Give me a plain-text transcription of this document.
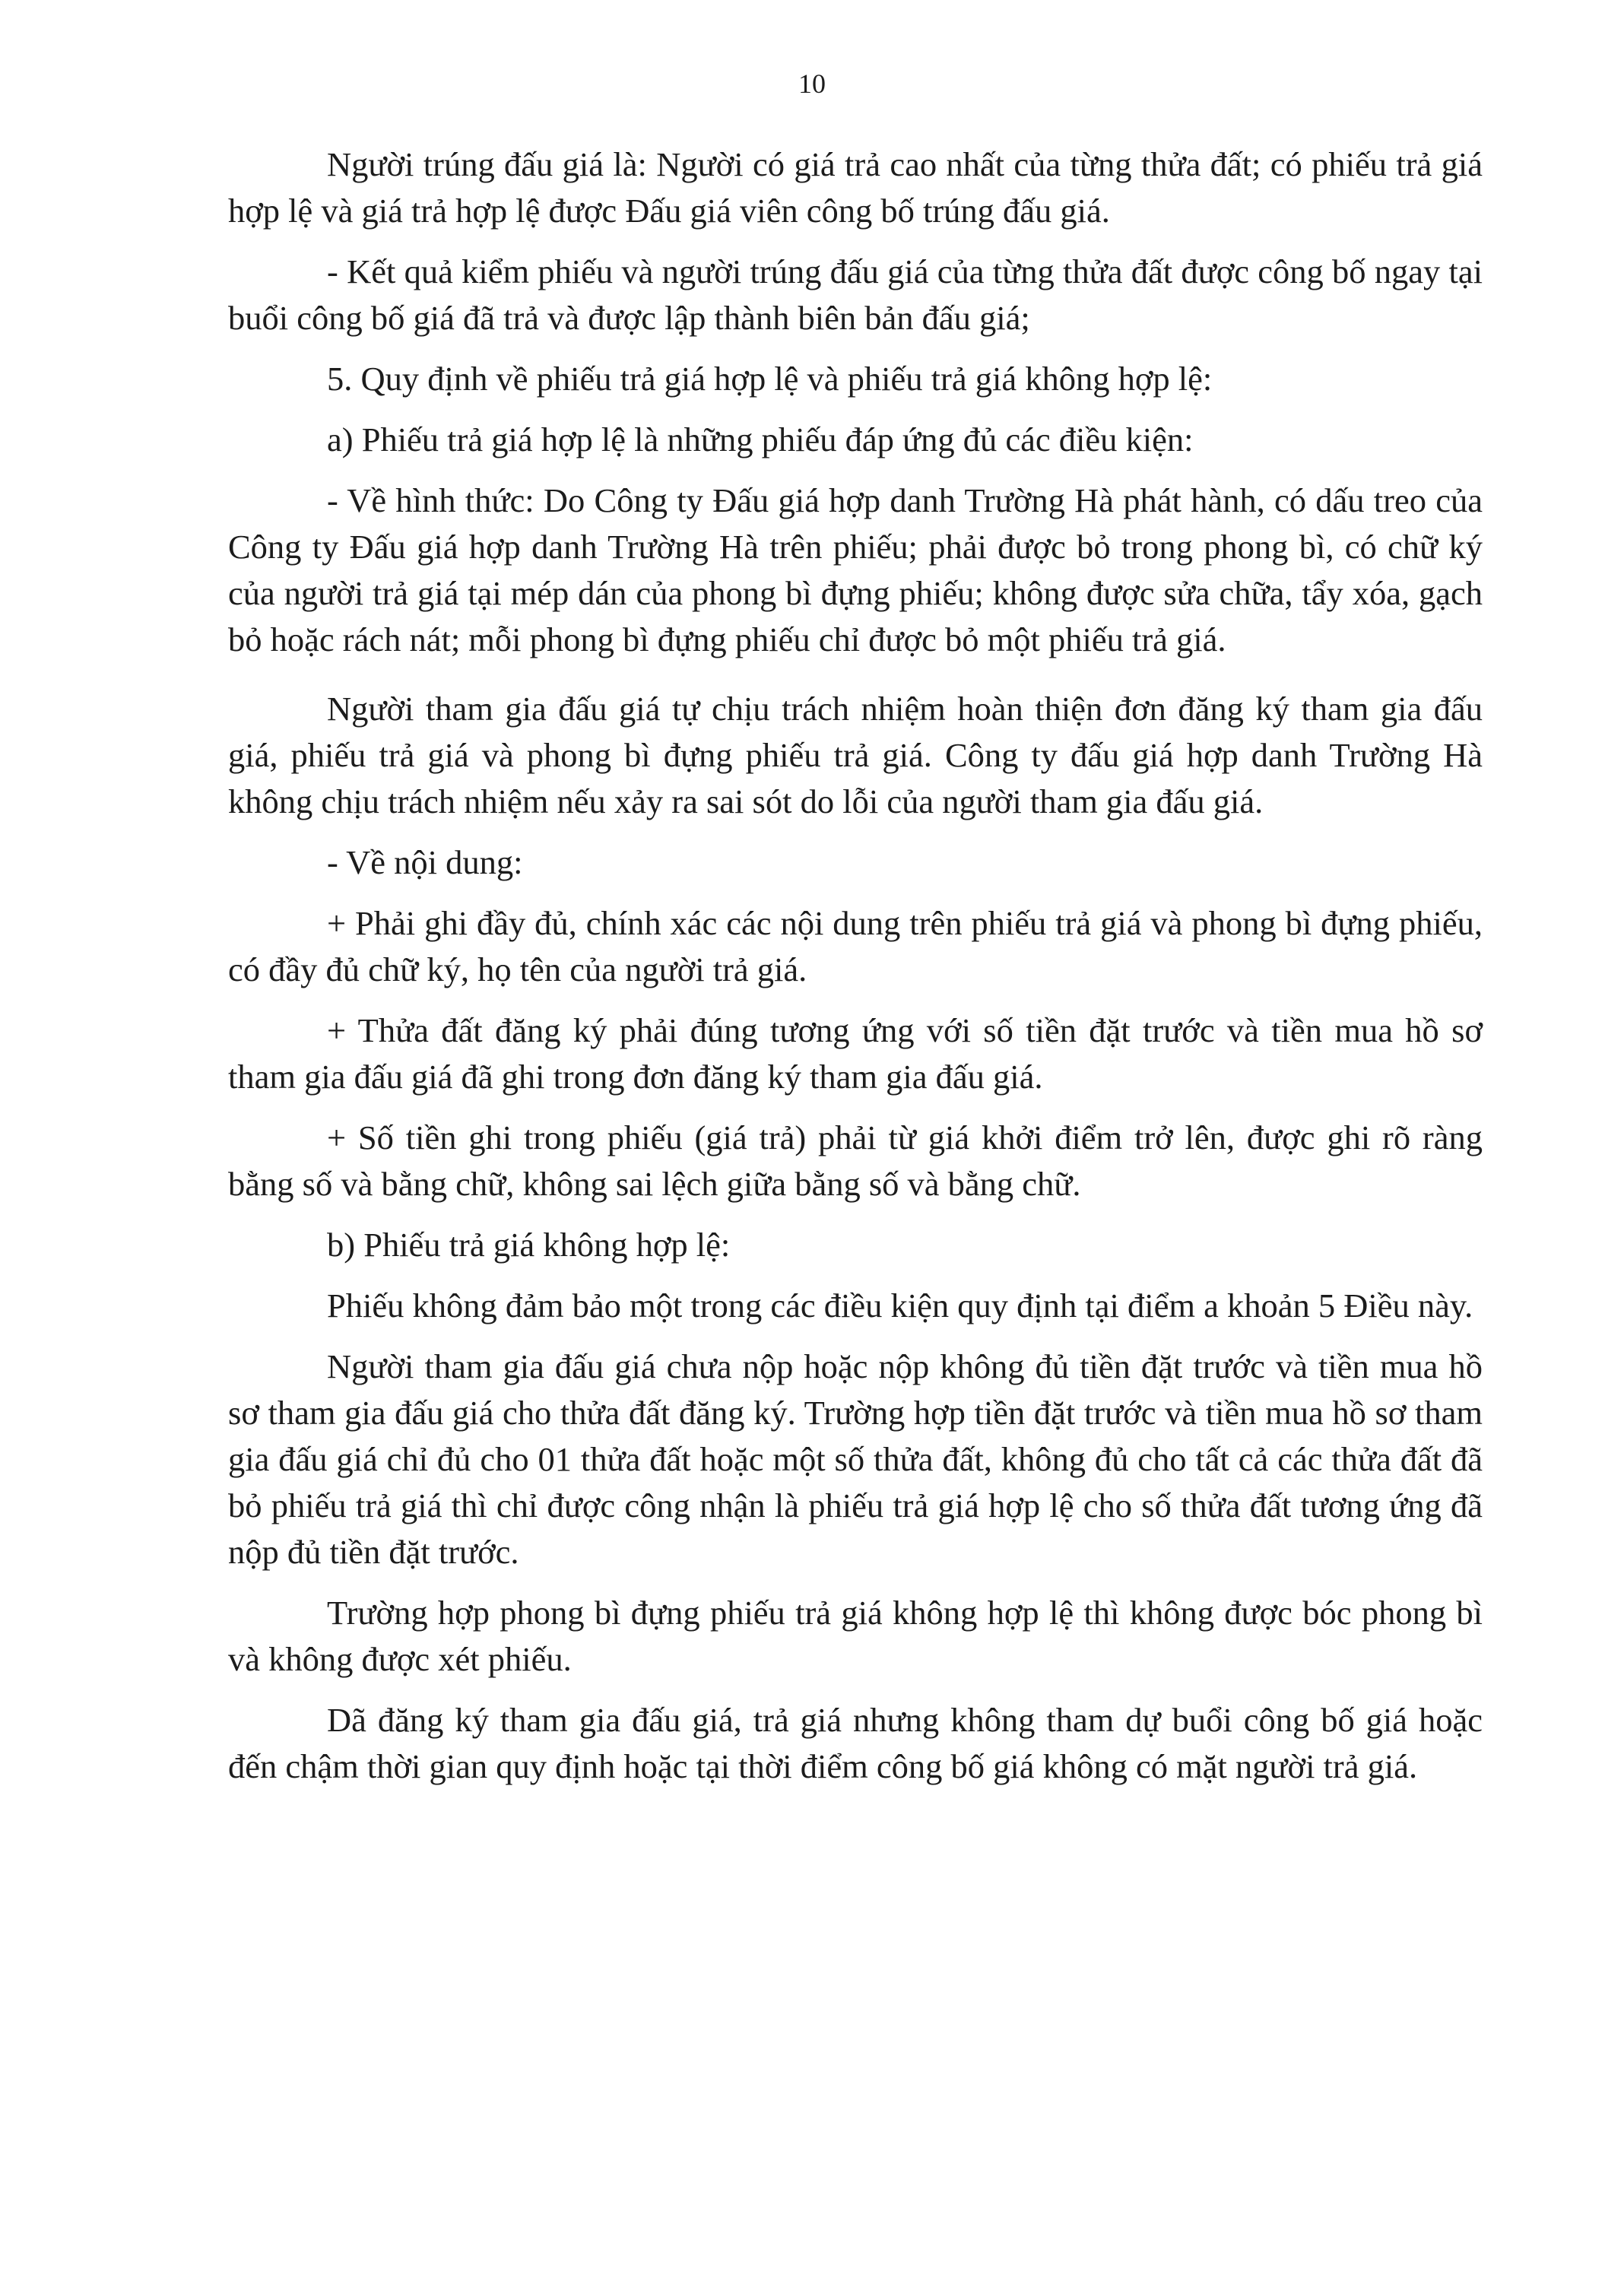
10

Người trúng đấu giá là: Người có giá trả cao nhất của từng thửa đất; có phiếu trả giá hợp lệ và giá trả hợp lệ được Đấu giá viên công bố trúng đấu giá.

- Kết quả kiểm phiếu và người trúng đấu giá của từng thửa đất được công bố ngay tại buổi công bố giá đã trả và được lập thành biên bản đấu giá;

5. Quy định về phiếu trả giá hợp lệ và phiếu trả giá không hợp lệ:

a) Phiếu trả giá hợp lệ là những phiếu đáp ứng đủ các điều kiện:

- Về hình thức: Do Công ty Đấu giá hợp danh Trường Hà phát hành, có dấu treo của Công ty Đấu giá hợp danh Trường Hà trên phiếu; phải được bỏ trong phong bì, có chữ ký của người trả giá tại mép dán của phong bì đựng phiếu; không được sửa chữa, tẩy xóa, gạch bỏ hoặc rách nát; mỗi phong bì đựng phiếu chỉ được bỏ một phiếu trả giá.

Người tham gia đấu giá tự chịu trách nhiệm hoàn thiện đơn đăng ký tham gia đấu giá, phiếu trả giá và phong bì đựng phiếu trả giá. Công ty đấu giá hợp danh Trường Hà không chịu trách nhiệm nếu xảy ra sai sót do lỗi của người tham gia đấu giá.

- Về nội dung:

+ Phải ghi đầy đủ, chính xác các nội dung trên phiếu trả giá và phong bì đựng phiếu, có đầy đủ chữ ký, họ tên của người trả giá.

+ Thửa đất đăng ký phải đúng tương ứng với số tiền đặt trước và tiền mua hồ sơ tham gia đấu giá đã ghi trong đơn đăng ký tham gia đấu giá.

+ Số tiền ghi trong phiếu (giá trả) phải từ giá khởi điểm trở lên, được ghi rõ ràng bằng số và bằng chữ, không sai lệch giữa bằng số và bằng chữ.

b) Phiếu trả giá không hợp lệ:

Phiếu không đảm bảo một trong các điều kiện quy định tại điểm a khoản 5 Điều này.

Người tham gia đấu giá chưa nộp hoặc nộp không đủ tiền đặt trước và tiền mua hồ sơ tham gia đấu giá cho thửa đất đăng ký. Trường hợp tiền đặt trước và tiền mua hồ sơ tham gia đấu giá chỉ đủ cho 01 thửa đất hoặc một số thửa đất, không đủ cho tất cả các thửa đất đã bỏ phiếu trả giá thì chỉ được công nhận là phiếu trả giá hợp lệ cho số thửa đất tương ứng đã nộp đủ tiền đặt trước.

Trường hợp phong bì đựng phiếu trả giá không hợp lệ thì không được bóc phong bì và không được xét phiếu.

Dã đăng ký tham gia đấu giá, trả giá nhưng không tham dự buổi công bố giá hoặc đến chậm thời gian quy định hoặc tại thời điểm công bố giá không có mặt người trả giá.
